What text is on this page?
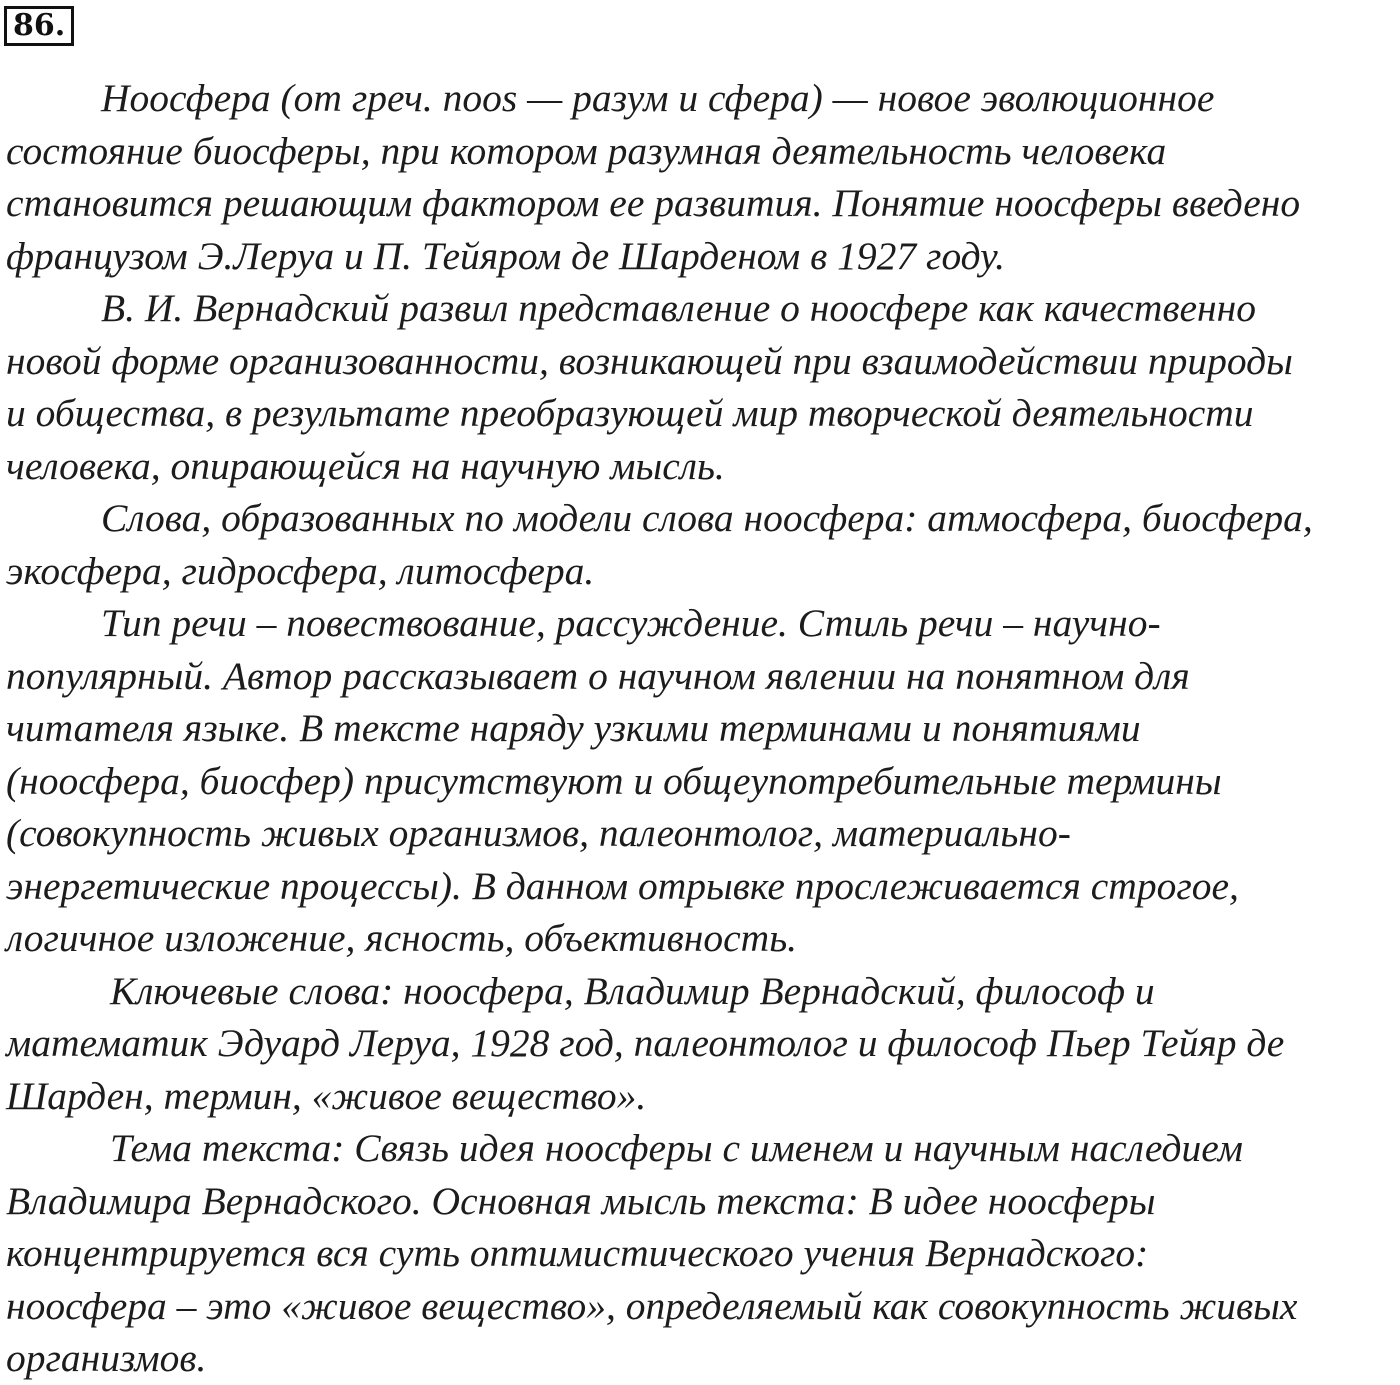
86.
Ноосфера (от греч. noos — разум и сфера) — новое эволюционное
состояние биосферы, при котором разумная деятельность человека
становится решающим фактором ее развития. Понятие ноосферы введено
французом Э.Леруа и П. Тейяром де Шарденом в 1927 году.
В. И. Вернадский развил представление о ноосфере как качественно
новой форме организованности, возникающей при взаимодействии природы
и общества, в результате преобразующей мир творческой деятельности
человека, опирающейся на научную мысль.
Слова, образованных по модели слова ноосфера: атмосфера, биосфера,
экосфера, гидросфера, литосфера.
Тип речи – повествование, рассуждение. Стиль речи – научно-
популярный. Автор рассказывает о научном явлении на понятном для
читателя языке. В тексте наряду узкими терминами и понятиями
(ноосфера, биосфер) присутствуют и общеупотребительные термины
(совокупность живых организмов, палеонтолог, материально-
энергетические процессы). В данном отрывке прослеживается строгое,
логичное изложение, ясность, объективность.
Ключевые слова: ноосфера, Владимир Вернадский, философ и
математик Эдуард Леруа, 1928 год, палеонтолог и философ Пьер Тейяр де
Шарден, термин, «живое вещество».
Тема текста: Связь идея ноосферы с именем и научным наследием
Владимира Вернадского. Основная мысль текста: В идее ноосферы
концентрируется вся суть оптимистического учения Вернадского:
ноосфера – это «живое вещество», определяемый как совокупность живых
организмов.
